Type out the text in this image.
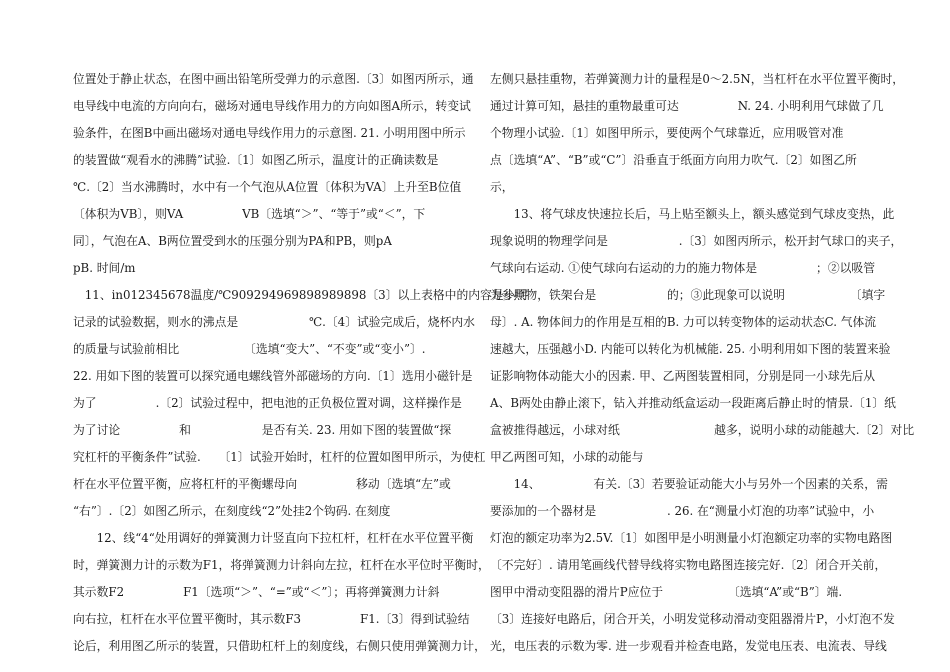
位置处于静止状态，在图中画出铅笔所受弹力的示意图.〔3〕如图丙所示，通
电导线中电流的方向向右，磁场对通电导线作用力的方向如图A所示，转变试
验条件，在图B中画出磁场对通电导线作用力的示意图. 21. 小明用图中所示
的装置做“观看水的沸腾”试验.〔1〕如图乙所示，温度计的正确读数是
℃.〔2〕当水沸腾时，水中有一个气泡从A位置〔体积为VA〕上升至B位值
〔体积为VB〕，则VA　　　　　VB〔选填“＞”、“等于”或“＜”，下
同〕，气泡在A、B两位置受到水的压强分别为PA和PB，则pA
pB. 时间/m
　11、in012345678温度/℃909294969898989898〔3〕以上表格中的内容是小明
记录的试验数据，则水的沸点是　　　　　　℃.〔4〕试验完成后，烧杯内水
的质量与试验前相比　　　　　　〔选填“变大”、“不变”或“变小”〕.
22. 用如下图的装置可以探究通电螺线管外部磁场的方向.〔1〕选用小磁针是
为了　　　　　.〔2〕试验过程中，把电池的正负极位置对调，这样操作是
为了讨论　　　　　和　　　　　　是否有关. 23. 用如下图的装置做“探
究杠杆的平衡条件”试验.　　〔1〕试验开始时，杠杆的位置如图甲所示，为使杠
杆在水平位置平衡，应将杠杆的平衡螺母向　　　　　移动〔选填“左”或
“右”〕.〔2〕如图乙所示，在刻度线“2”处挂2个钩码. 在刻度
　　12、线“4“处用调好的弹簧测力计竖直向下拉杠杆，杠杆在水平位置平衡
时，弹簧测力计的示数为F1，将弹簧测力计斜向左拉，杠杆在水平位时平衡时，
其示数F2　　　　　F1〔选项“＞”、“=”或“＜”〕；再将弹簧测力计斜
向右拉，杠杆在水平位置平衡时，其示数F3　　　　　F1.〔3〕得到试验结
论后，利用图乙所示的装置，只借助杠杆上的刻度线，右侧只使用弹簧测力计，
左侧只悬挂重物，若弹簧测力计的量程是0～2.5N，当杠杆在水平位置平衡时，
通过计算可知，悬挂的重物最重可达　　　　　N. 24. 小明利用气球做了几
个物理小试验.〔1〕如图甲所示，要使两个气球靠近，应用吸管对准
点〔选填“A”、“B”或“C”〕沿垂直于纸面方向用力吹气.〔2〕如图乙所
示，
　　13、将气球皮快速拉长后，马上贴至额头上，额头感觉到气球皮变热，此
现象说明的物理学问是　　　　　　.〔3〕如图丙所示，松开封气球口的夹子，
气球向右运动. ①使气球向右运动的力的施力物体是　　　　　；②以吸管
为参照物，铁架台是　　　　　　的；③此现象可以说明　　　　　　〔填字
母〕. A. 物体间力的作用是互相的B. 力可以转变物体的运动状态C. 气体流
速越大，压强越小D. 内能可以转化为机械能. 25. 小明利用如下图的装置来验
证影响物体动能大小的因素. 甲、乙两图装置相同，分别是同一小球先后从
A、B两处由静止滚下，钻入并推动纸盒运动一段距离后静止时的情景.〔1〕纸
盒被推得越远，小球对纸　　　　　　　　越多，说明小球的动能越大.〔2〕对比
甲乙两图可知，小球的动能与
　　14、　　　　　有关.〔3〕若要验证动能大小与另外一个因素的关系，需
要添加的一个器材是　　　　　　. 26. 在“测量小灯泡的功率”试验中，小
灯泡的额定功率为2.5V.〔1〕如图甲是小明测量小灯泡额定功率的实物电路图
〔不完好〕. 请用笔画线代替导线将实物电路图连接完好.〔2〕闭合开关前，
图甲中滑动变阻器的滑片P应位于　　　　　　〔选填“A”或“B”〕端.
〔3〕连接好电路后，闭合开关，小明发觉移动滑动变阻器滑片P，小灯泡不发
光，电压表的示数为零. 进一步观看并检查电路，发觉电压表、电流表、导线
